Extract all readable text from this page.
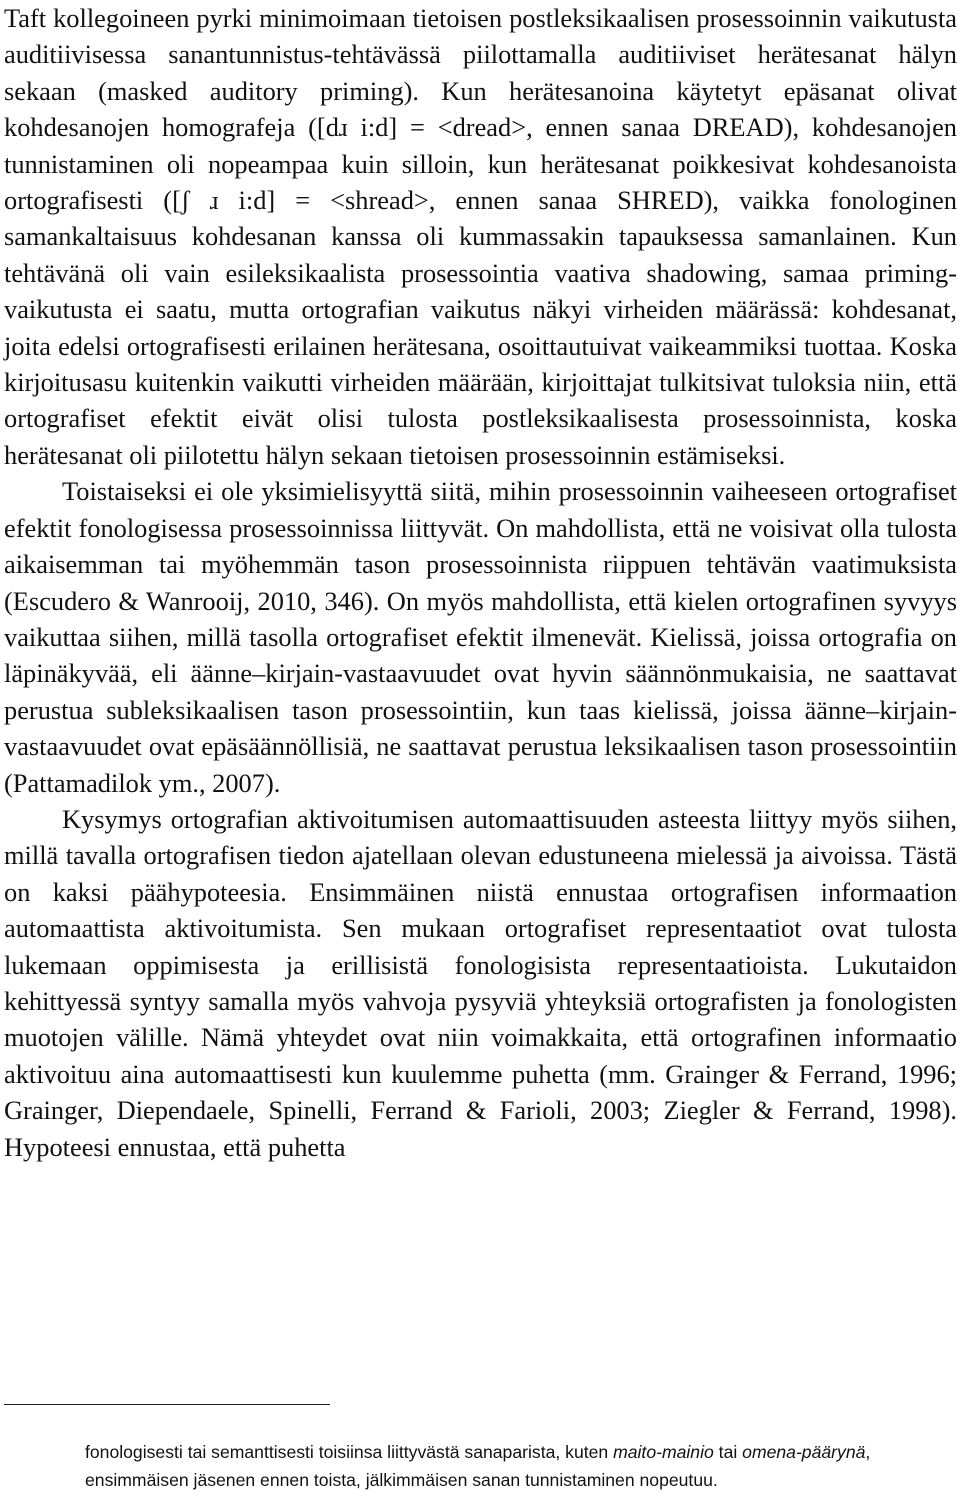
Taft kollegoineen pyrki minimoimaan tietoisen postleksikaalisen prosessoinnin vaikutusta auditiivisessa sanantunnistus-tehtävässä piilottamalla auditiiviset herätesanat hälyn sekaan (masked auditory priming). Kun herätesanoina käytetyt epäsanat olivat kohdesanojen homografeja ([dɹ i:d] = <dread>, ennen sanaa DREAD), kohdesanojen tunnistaminen oli nopeampaa kuin silloin, kun herätesanat poikkesivat kohdesanoista ortografisesti ([ʃ ɹ i:d] = <shread>, ennen sanaa SHRED), vaikka fonologinen samankaltaisuus kohdesanan kanssa oli kummassakin tapauksessa samanlainen. Kun tehtävänä oli vain esileksikaalista prosessointia vaativa shadowing, samaa priming-vaikutusta ei saatu, mutta ortografian vaikutus näkyi virheiden määrässä: kohdesanat, joita edelsi ortografisesti erilainen herätesana, osoittautuivat vaikeammiksi tuottaa. Koska kirjoitusasu kuitenkin vaikutti virheiden määrään, kirjoittajat tulkitsivat tuloksia niin, että ortografiset efektit eivät olisi tulosta postleksikaalisesta prosessoinnista, koska herätesanat oli piilotettu hälyn sekaan tietoisen prosessoinnin estämiseksi.

Toistaiseksi ei ole yksimielisyyttä siitä, mihin prosessoinnin vaiheeseen ortografiset efektit fonologisessa prosessoinnissa liittyvät. On mahdollista, että ne voisivat olla tulosta aikaisemman tai myöhemmän tason prosessoinnista riippuen tehtävän vaatimuksista (Escudero & Wanrooij, 2010, 346). On myös mahdollista, että kielen ortografinen syvyys vaikuttaa siihen, millä tasolla ortografiset efektit ilmenevät. Kielissä, joissa ortografia on läpinäkyvää, eli äänne–kirjain-vastaavuudet ovat hyvin säännönmukaisia, ne saattavat perustua subleksikaalisen tason prosessointiin, kun taas kielissä, joissa äänne–kirjain-vastaavuudet ovat epäsäännöllisiä, ne saattavat perustua leksikaalisen tason prosessointiin (Pattamadilok ym., 2007).

Kysymys ortografian aktivoitumisen automaattisuuden asteesta liittyy myös siihen, millä tavalla ortografisen tiedon ajatellaan olevan edustuneena mielessä ja aivoissa. Tästä on kaksi päähypoteesia. Ensimmäinen niistä ennustaa ortografisen informaation automaattista aktivoitumista. Sen mukaan ortografiset representaatiot ovat tulosta lukemaan oppimisesta ja erillisistä fonologisista representaatioista. Lukutaidon kehittyessä syntyy samalla myös vahvoja pysyviä yhteyksiä ortografisten ja fonologisten muotojen välille. Nämä yhteydet ovat niin voimakkaita, että ortografinen informaatio aktivoituu aina automaattisesti kun kuulemme puhetta (mm. Grainger & Ferrand, 1996; Grainger, Diependaele, Spinelli, Ferrand & Farioli, 2003; Ziegler & Ferrand, 1998). Hypoteesi ennustaa, että puhetta

fonologisesti tai semanttisesti toisiinsa liittyvästä sanaparista, kuten maito-mainio tai omena-päärynä, ensimmäisen jäsenen ennen toista, jälkimmäisen sanan tunnistaminen nopeutuu.
